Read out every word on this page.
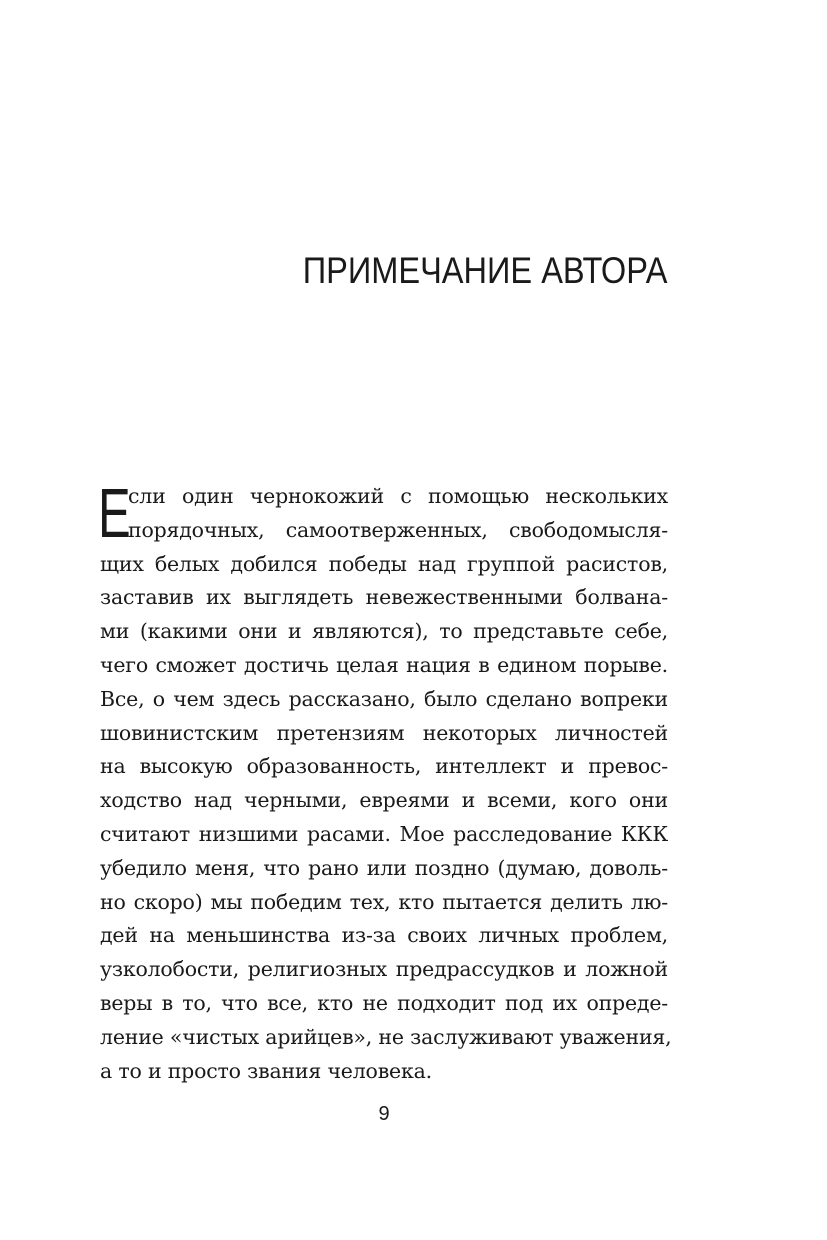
ПРИМЕЧАНИЕ АВТОРА
Е
сли один чернокожий с помощью нескольких
порядочных, самоотверженных, свободомысля-
щих белых добился победы над группой расистов,
заставив их выглядеть невежественными болвана-
ми (какими они и являются), то представьте себе,
чего сможет достичь целая нация в едином порыве.
Все, о чем здесь рассказано, было сделано вопреки
шовинистским претензиям некоторых личностей
на высокую образованность, интеллект и превос-
ходство над черными, евреями и всеми, кого они
считают низшими расами. Мое расследование ККК
убедило меня, что рано или поздно (думаю, доволь-
но скоро) мы победим тех, кто пытается делить лю-
дей на меньшинства из-за своих личных проблем,
узколобости, религиозных предрассудков и ложной
веры в то, что все, кто не подходит под их опреде-
ление «чистых арийцев», не заслуживают уважения,
а то и просто звания человека.
9
